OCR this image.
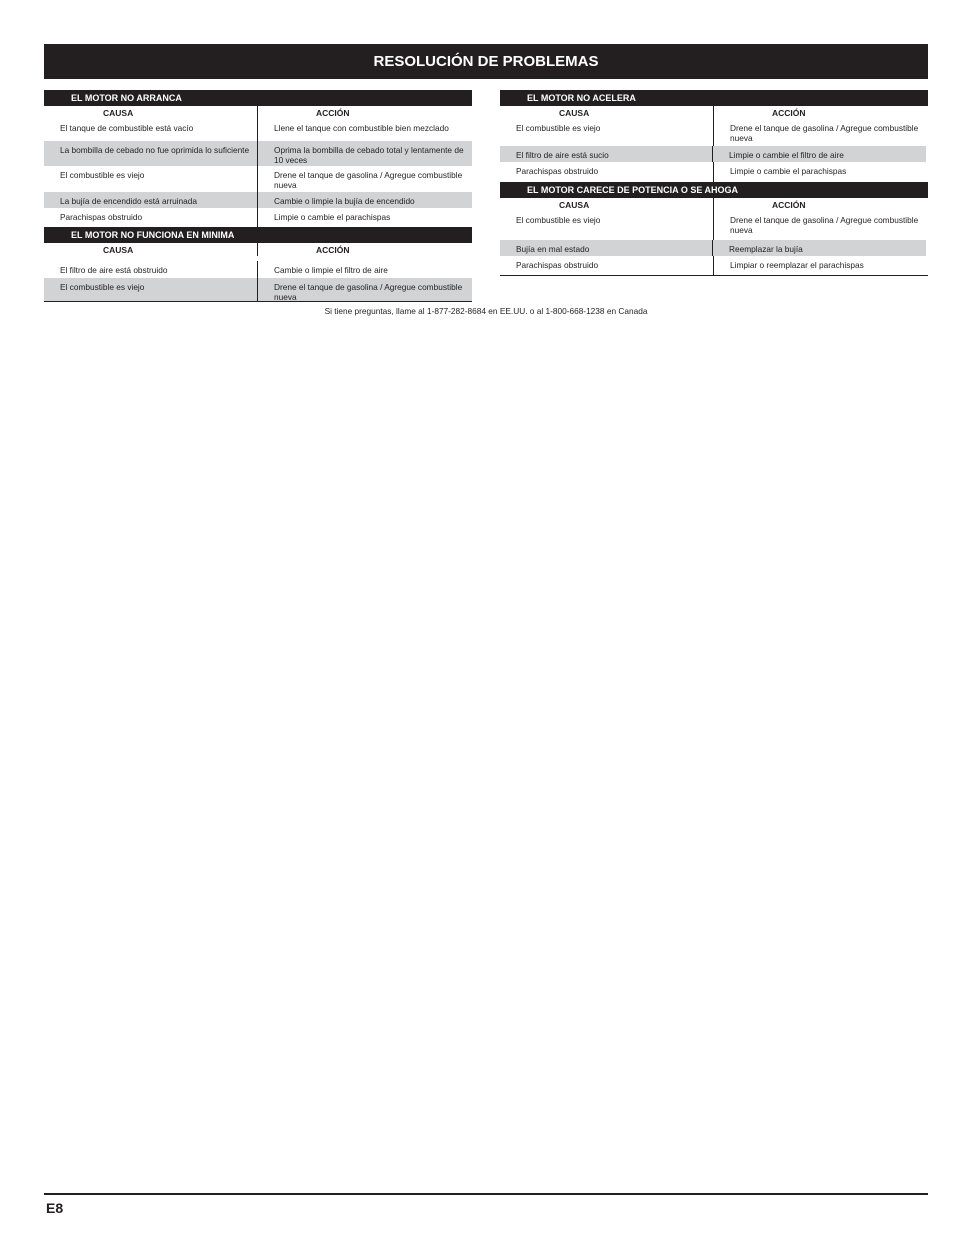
RESOLUCIÓN DE PROBLEMAS
EL MOTOR NO ARRANCA
CAUSA	ACCIÓN
El tanque de combustible está vacío	Llene el tanque con combustible bien mezclado
La bombilla de cebado no fue oprimida lo suficiente	Oprima la bombilla de cebado total y lentamente de 10 veces
El combustible es viejo	Drene el tanque de gasolina / Agregue combustible nueva
La bujía de encendido está arruinada	Cambie o limpie la bujía de encendido
Parachispas obstruido	Limpie o cambie el parachispas
EL MOTOR NO FUNCIONA EN MINIMA
CAUSA	ACCIÓN
El filtro de aire está obstruido	Cambie o limpie el filtro de aire
El combustible es viejo	Drene el tanque de gasolina / Agregue combustible nueva
EL MOTOR NO ACELERA
CAUSA	ACCIÓN
El combustible es viejo	Drene el tanque de gasolina / Agregue combustible nueva
El filtro de aire está sucio	Limpie o cambie el filtro de aire
Parachispas obstruido	Limpie o cambie el parachispas
EL MOTOR CARECE DE POTENCIA O SE AHOGA
CAUSA	ACCIÓN
El combustible es viejo	Drene el tanque de gasolina / Agregue combustible nueva
Bujía en mal estado	Reemplazar la bujía
Parachispas obstruido	Limpiar o reemplazar el parachispas
Si tiene preguntas, llame al 1-877-282-8684 en EE.UU. o al 1-800-668-1238 en Canada
E8
